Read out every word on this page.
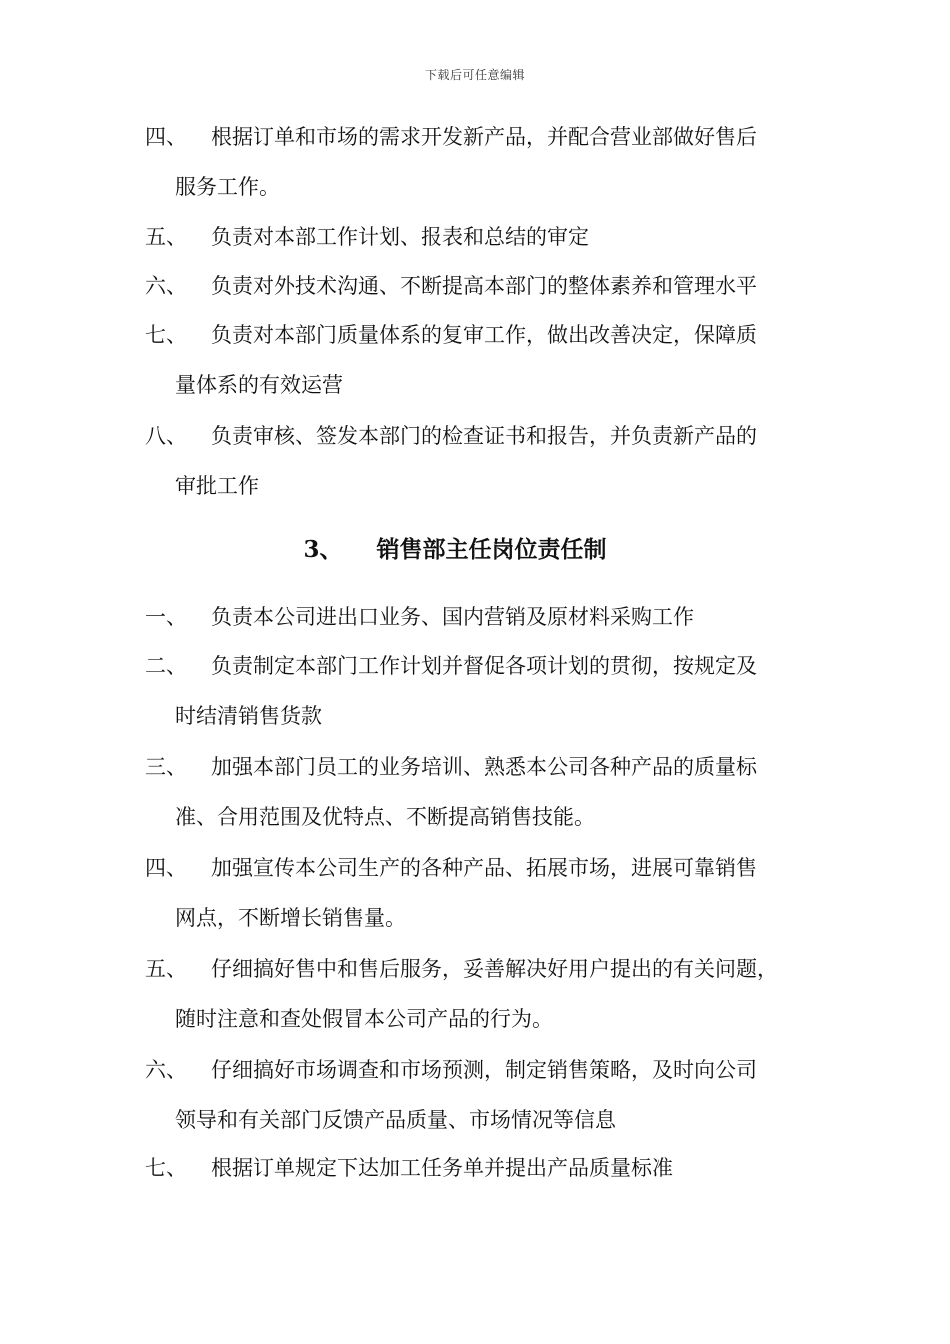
下载后可任意编辑
四、 根据订单和市场的需求开发新产品，并配合营业部做好售后
服务工作。
五、 负责对本部工作计划、报表和总结的审定
六、 负责对外技术沟通、不断提高本部门的整体素养和管理水平
七、 负责对本部门质量体系的复审工作，做出改善决定，保障质
量体系的有效运营
八、 负责审核、签发本部门的检查证书和报告，并负责新产品的
审批工作
3、 销售部主任岗位责任制
一、 负责本公司进出口业务、国内营销及原材料采购工作
二、 负责制定本部门工作计划并督促各项计划的贯彻，按规定及
时结清销售货款
三、 加强本部门员工的业务培训、熟悉本公司各种产品的质量标
准、合用范围及优特点、不断提高销售技能。
四、 加强宣传本公司生产的各种产品、拓展市场，进展可靠销售
网点，不断增长销售量。
五、 仔细搞好售中和售后服务，妥善解决好用户提出的有关问题，
随时注意和查处假冒本公司产品的行为。
六、 仔细搞好市场调查和市场预测，制定销售策略，及时向公司
领导和有关部门反馈产品质量、市场情况等信息
七、 根据订单规定下达加工任务单并提出产品质量标准
